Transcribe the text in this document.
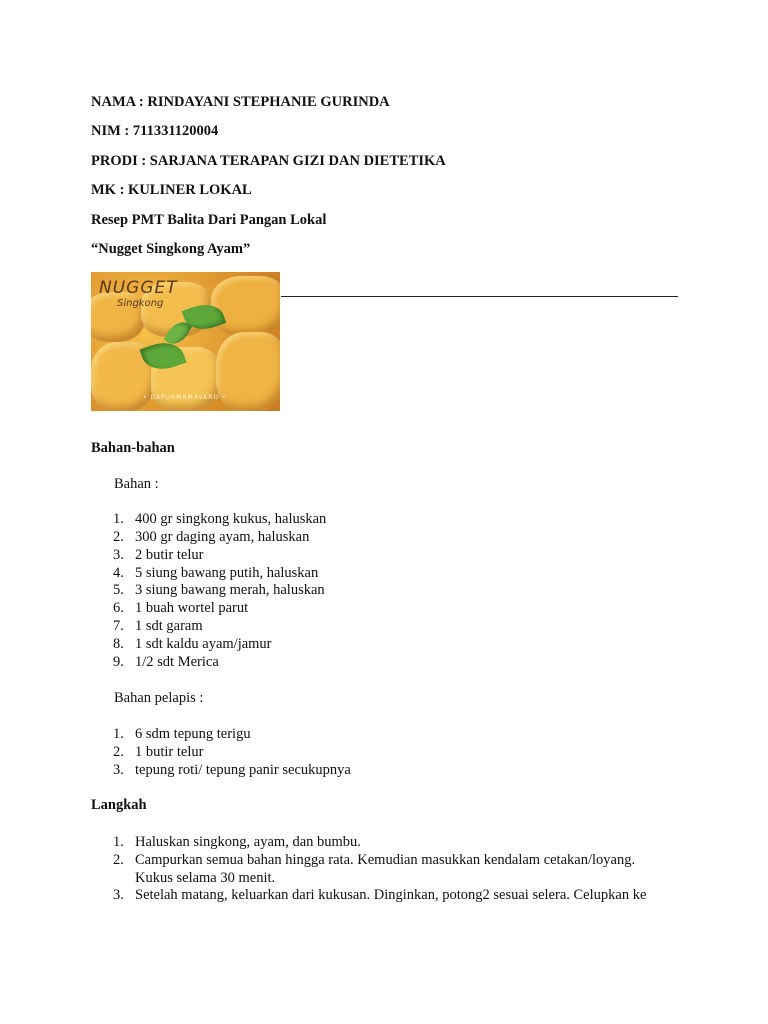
NAMA : RINDAYANI STEPHANIE GURINDA
NIM : 711331120004
PRODI : SARJANA TERAPAN GIZI DAN DIETETIKA
MK : KULINER LOKAL
Resep PMT Balita Dari Pangan Lokal
“Nugget Singkong Ayam”
NUGGET
Singkong
• DAPURMAMAVARO •
Bahan-bahan
Bahan :
1. 400 gr singkong kukus, haluskan
2. 300 gr daging ayam, haluskan
3. 2 butir telur
4. 5 siung bawang putih, haluskan
5. 3 siung bawang merah, haluskan
6. 1 buah wortel parut
7. 1 sdt garam
8. 1 sdt kaldu ayam/jamur
9. 1/2 sdt Merica
Bahan pelapis :
1. 6 sdm tepung terigu
2. 1 butir telur
3. tepung roti/ tepung panir secukupnya
Langkah
1. Haluskan singkong, ayam, dan bumbu.
2. Campurkan semua bahan hingga rata. Kemudian masukkan kendalam cetakan/loyang. Kukus selama 30 menit.
3. Setelah matang, keluarkan dari kukusan. Dinginkan, potong2 sesuai selera. Celupkan ke
